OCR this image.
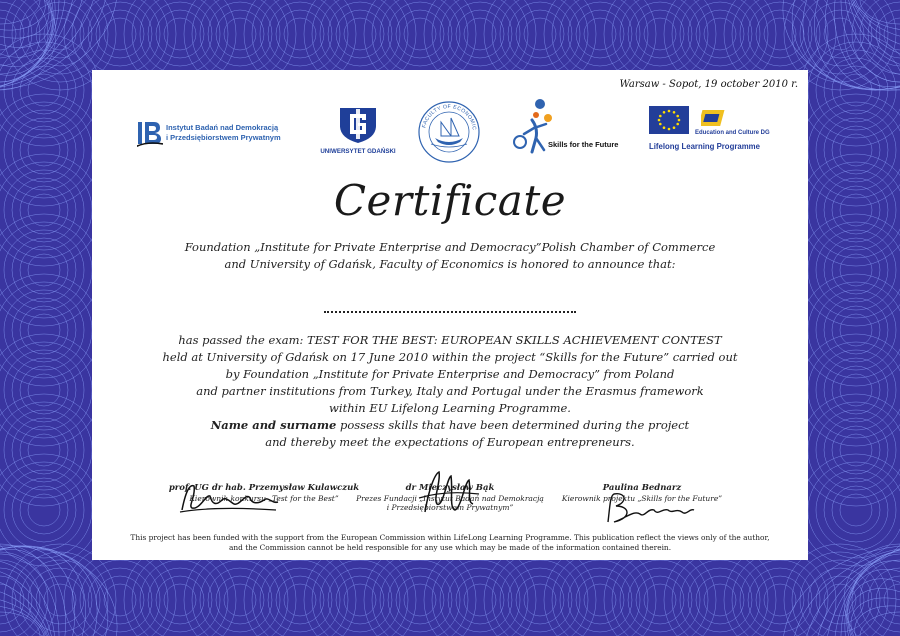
Warsaw - Sopot, 19 october 2010 r.
Instytut Badań nad Demokracją
i Przedsiębiorstwem Prywatnym
UNIWERSYTET GDAŃSKI
FACULTY OF ECONOMIC
Skills for the Future
Education and Culture DG
Lifelong Learning Programme
Certificate
Foundation „Institute for Private Enterprise and Democracy”Polish Chamber of Commerce
and University of Gdańsk, Faculty of Economics is honored to announce that:
has passed the exam: TEST FOR THE BEST: EUROPEAN SKILLS ACHIEVEMENT CONTEST
held at University of Gdańsk on 17 June 2010 within the project “Skills for the Future” carried out
by Foundation „Institute for Private Enterprise and Democracy” from Poland
and partner institutions from Turkey, Italy and Portugal under the Erasmus framework
within EU Lifelong Learning Programme.
Name and surname possess skills that have been determined during the project
and thereby meet the expectations of European entrepreneurs.
prof. UG dr hab. Przemysław Kulawczuk
Kierownik konkursu „Test for the Best”
dr Mieczysław Bąk
Prezes Fundacji „Instytut Badań nad Demokracją
i Przedsiębiorstwem Prywatnym”
Paulina Bednarz
Kierownik projektu „Skills for the Future”
This project has been funded with the support from the European Commission within LifeLong Learning Programme. This publication reflect the views only of the author,
and the Commission cannot be held responsible for any use which may be made of the information contained therein.
